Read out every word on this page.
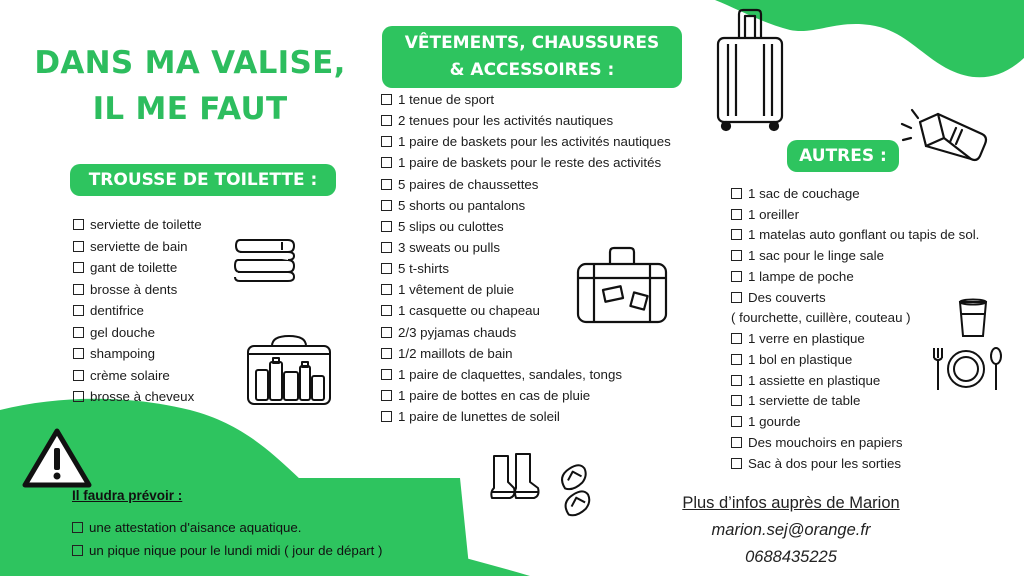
DANS MA VALISE,
IL ME FAUT
TROUSSE DE TOILETTE :
VÊTEMENTS, CHAUSSURES
& ACCESSOIRES :
AUTRES :
serviette de toilette
serviette de bain
gant de toilette
brosse à dents
dentifrice
gel douche
shampoing
crème solaire
brosse à cheveux
1 tenue de sport
2 tenues pour les activités nautiques
1 paire de baskets pour les activités nautiques
1 paire de baskets pour le reste des activités
5 paires de chaussettes
5 shorts ou pantalons
5 slips ou culottes
3 sweats ou pulls
5 t-shirts
1 vêtement de pluie
1 casquette ou chapeau
2/3 pyjamas chauds
1/2 maillots de bain
1 paire de claquettes, sandales, tongs
1 paire de bottes en cas de pluie
1 paire de lunettes de soleil
1 sac de couchage
1 oreiller
1 matelas auto gonflant ou tapis de sol.
1 sac pour le linge sale
1 lampe de poche
Des couverts
( fourchette, cuillère, couteau )
1 verre en plastique
1 bol en plastique
1 assiette en plastique
1 serviette de table
1 gourde
Des mouchoirs en papiers
Sac à dos pour les sorties
Il faudra prévoir :
une attestation d'aisance aquatique.
un pique nique pour le lundi midi ( jour de départ )
Plus d’infos auprès de Marion
marion.sej@orange.fr
0688435225
